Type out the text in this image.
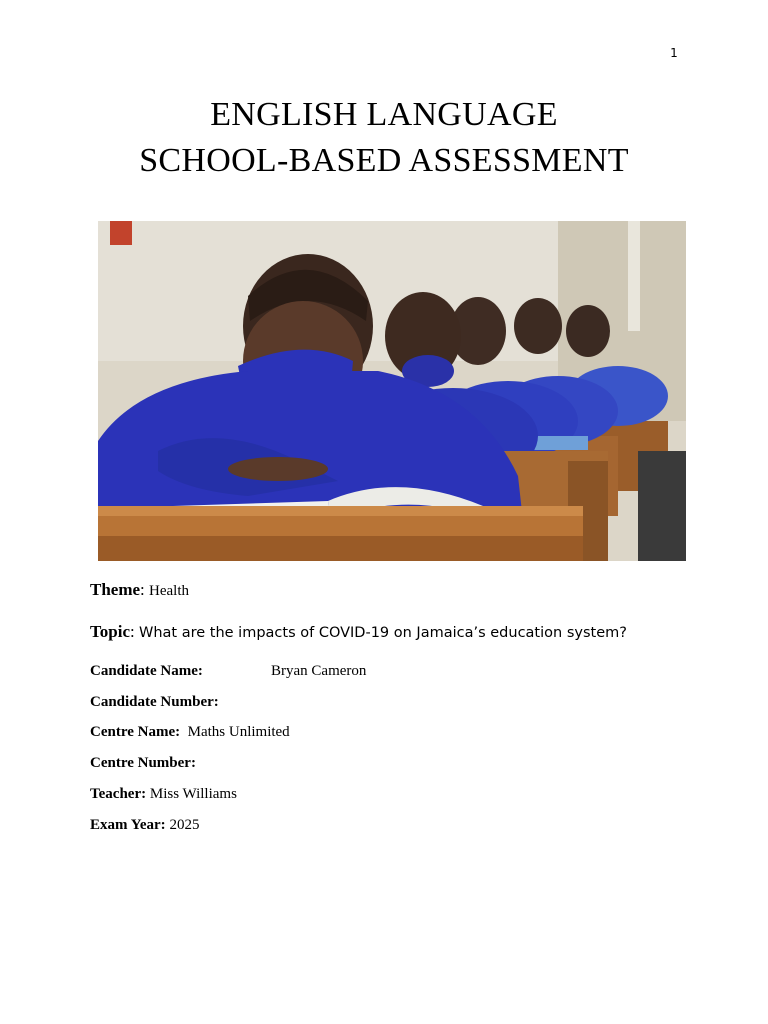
1
ENGLISH LANGUAGE
SCHOOL-BASED ASSESSMENT
Theme: Health
Topic: What are the impacts of COVID-19 on Jamaica’s education system?
Candidate Name:	Bryan Cameron
Candidate Number:
Centre Name: Maths Unlimited
Centre Number:
Teacher: Miss Williams
Exam Year: 2025
